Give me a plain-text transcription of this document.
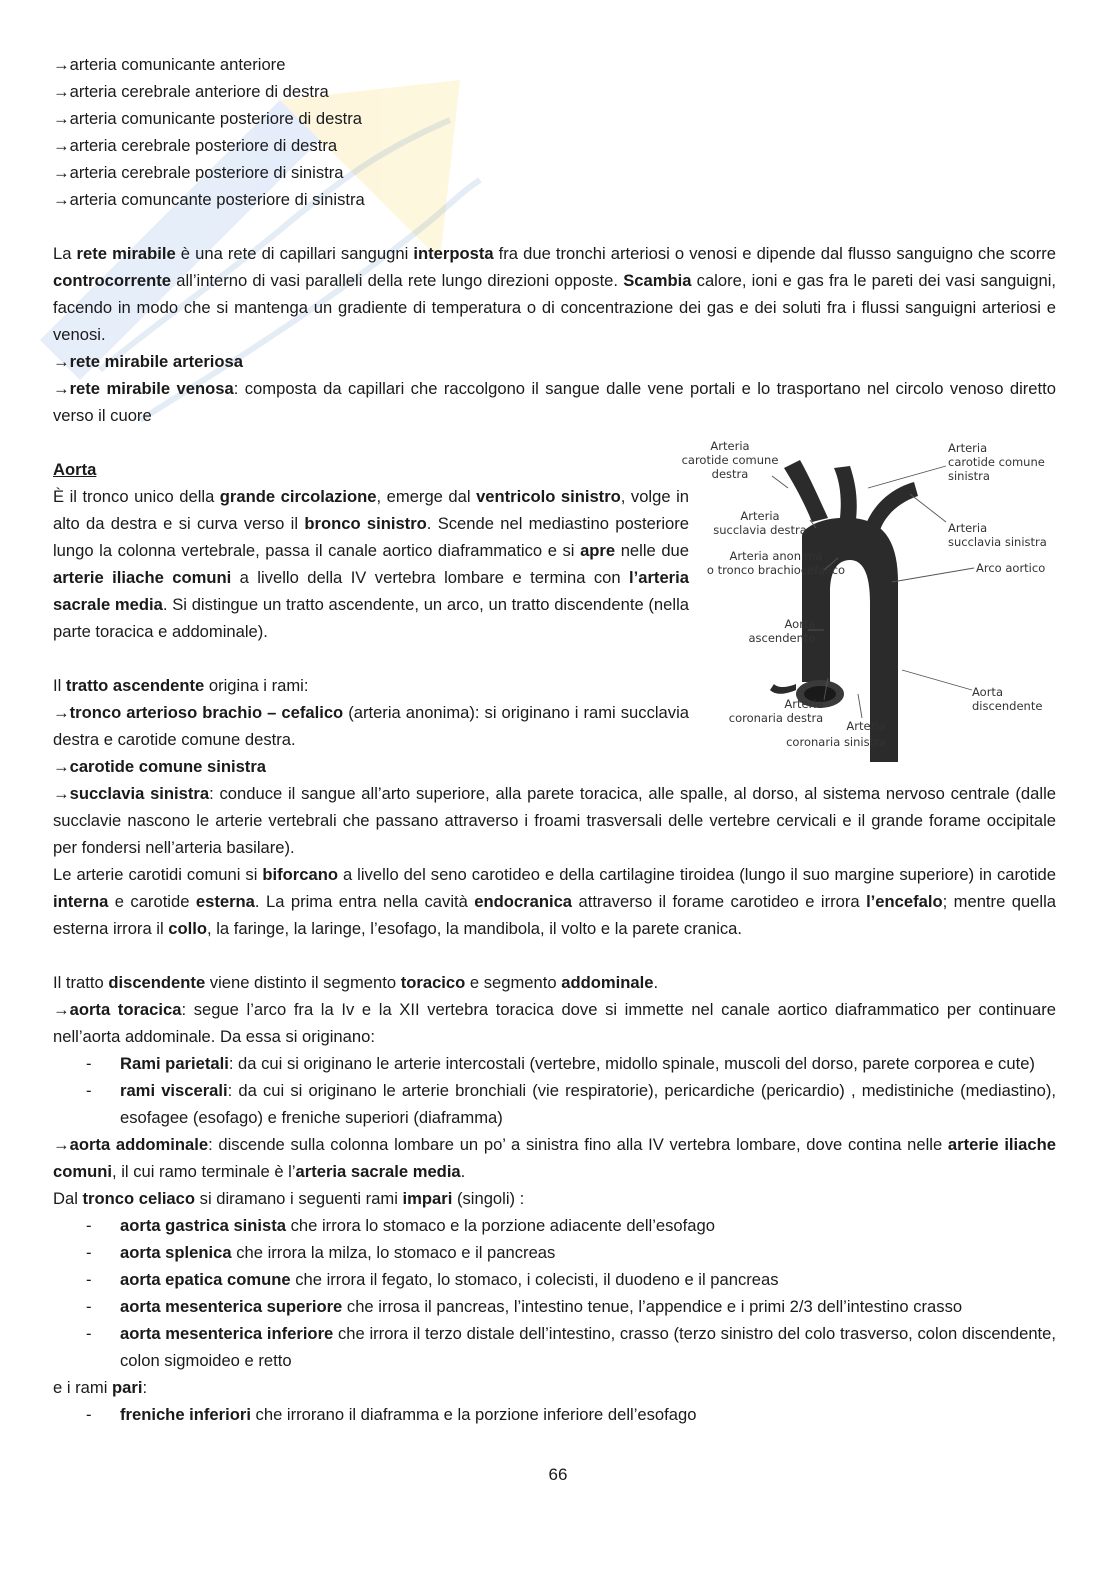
→ arteria comunicante anteriore
→ arteria cerebrale anteriore di destra
→ arteria comunicante posteriore di destra
→ arteria cerebrale posteriore di destra
→ arteria cerebrale posteriore di sinistra
→ arteria comuncante posteriore di sinistra

La rete mirabile è una rete di capillari sangugni interposta fra due tronchi arteriosi o venosi e dipende dal flusso sanguigno che scorre controcorrente all’interno di vasi paralleli della rete lungo direzioni opposte. Scambia calore, ioni e gas fra le pareti dei vasi sanguigni, facendo in modo che si mantenga un gradiente di temperatura o di concentrazione dei gas e dei soluti fra i flussi sanguigni arteriosi e venosi.

→ rete mirabile arteriosa
→ rete mirabile venosa: composta da capillari che raccolgono il sangue dalle vene portali e lo trasportano nel circolo venoso diretto verso il cuore
Aorta

È il tronco unico della grande circolazione, emerge dal ventricolo sinistro, volge in alto da destra e si curva verso il bronco sinistro. Scende nel mediastino posteriore lungo la colonna vertebrale, passa il canale aortico diaframmatico e si apre nelle due arterie iliache comuni a livello della IV vertebra lombare e termina con l’arteria sacrale media. Si distingue un tratto ascendente, un arco, un tratto discendente (nella parte toracica e addominale).

Il tratto ascendente origina i rami:

→ tronco arterioso brachio – cefalico (arteria anonima): si originano i rami succlavia destra e carotide comune destra.

→ carotide comune sinistra

→ succlavia sinistra: conduce il sangue all’arto superiore, alla parete toracica, alle spalle, al dorso, al sistema nervoso centrale (dalle succlavie nascono le arterie vertebrali che passano attraverso i froami trasversali delle vertebre cervicali e il grande forame occipitale per fondersi nell’arteria basilare).

Le arterie carotidi comuni si biforcano a livello del seno carotideo e della cartilagine tiroidea (lungo il suo margine superiore) in carotide interna e carotide esterna. La prima entra nella cavità endocranica attraverso il forame carotideo e irrora l’encefalo; mentre quella esterna irrora il collo, la faringe, la laringe, l’esofago, la mandibola, il volto e la parete cranica.

Il tratto discendente viene distinto il segmento toracico e segmento addominale.

→ aorta toracica: segue l’arco fra la Iv e la XII vertebra toracica dove si immette nel canale aortico diaframmatico per continuare nell’aorta addominale. Da essa si originano:

- Rami parietali: da cui si originano le arterie intercostali (vertebre, midollo spinale, muscoli del dorso, parete corporea e cute)
- rami viscerali: da cui si originano le arterie bronchiali (vie respiratorie), pericardiche (pericardio) , medistiniche (mediastino), esofagee (esofago) e freniche superiori (diaframma)

→ aorta addominale: discende sulla colonna lombare un po’ a sinistra fino alla IV vertebra lombare, dove contina nelle arterie iliache comuni, il cui ramo terminale è l’arteria sacrale media.

Dal tronco celiaco si diramano i seguenti rami impari (singoli) :

- aorta gastrica sinista che irrora lo stomaco e la porzione adiacente dell’esofago
- aorta splenica che irrora la milza, lo stomaco e il pancreas
- aorta epatica comune che irrora il fegato, lo stomaco, i colecisti, il duodeno e il pancreas
- aorta mesenterica superiore che irrosa il pancreas, l’intestino tenue, l’appendice e i primi 2/3 dell’intestino crasso
- aorta mesenterica inferiore che irrora il terzo distale dell’intestino, crasso (terzo sinistro del colo trasverso, colon discendente, colon sigmoideo e retto

e i rami pari:

- freniche inferiori che irrorano il diaframma e la porzione inferiore dell’esofago
Arteria carotide comune destra
Arteria carotide comune sinistra
Arteria succlavia destra	Arteria succlavia sinistra
Arteria anonima o tronco brachiocefalico	Arco aortico
Aorta ascendente
Aorta discendente
Arteria coronaria destra
Arteria coronaria sinistra
66
